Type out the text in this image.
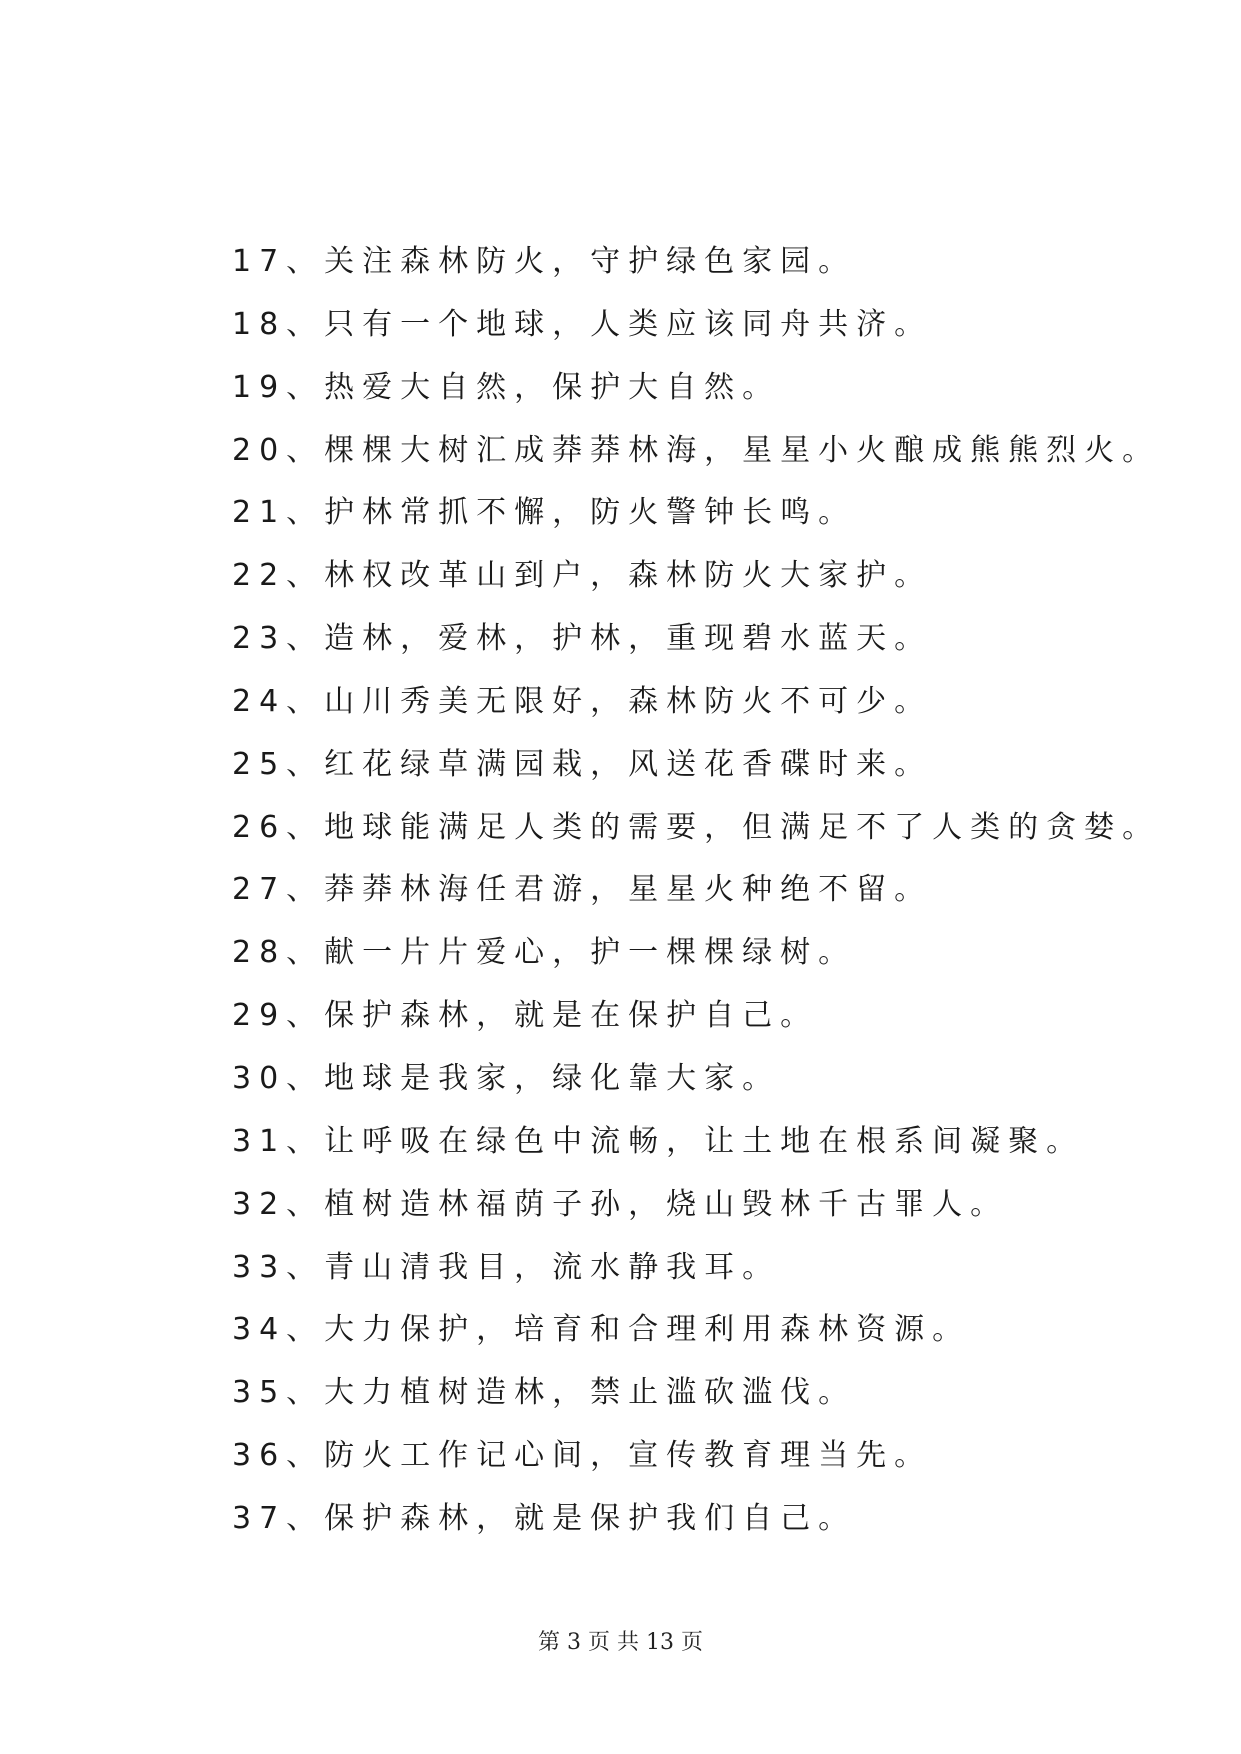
17、关注森林防火，守护绿色家园。
18、只有一个地球，人类应该同舟共济。
19、热爱大自然，保护大自然。
20、棵棵大树汇成莽莽林海，星星小火酿成熊熊烈火。
21、护林常抓不懈，防火警钟长鸣。
22、林权改革山到户，森林防火大家护。
23、造林，爱林，护林，重现碧水蓝天。
24、山川秀美无限好，森林防火不可少。
25、红花绿草满园栽，风送花香碟时来。
26、地球能满足人类的需要，但满足不了人类的贪婪。
27、莽莽林海任君游，星星火种绝不留。
28、献一片片爱心，护一棵棵绿树。
29、保护森林，就是在保护自己。
30、地球是我家，绿化靠大家。
31、让呼吸在绿色中流畅，让土地在根系间凝聚。
32、植树造林福荫子孙，烧山毁林千古罪人。
33、青山清我目，流水静我耳。
34、大力保护，培育和合理利用森林资源。
35、大力植树造林，禁止滥砍滥伐。
36、防火工作记心间，宣传教育理当先。
37、保护森林，就是保护我们自己。
第 3 页 共 13 页
